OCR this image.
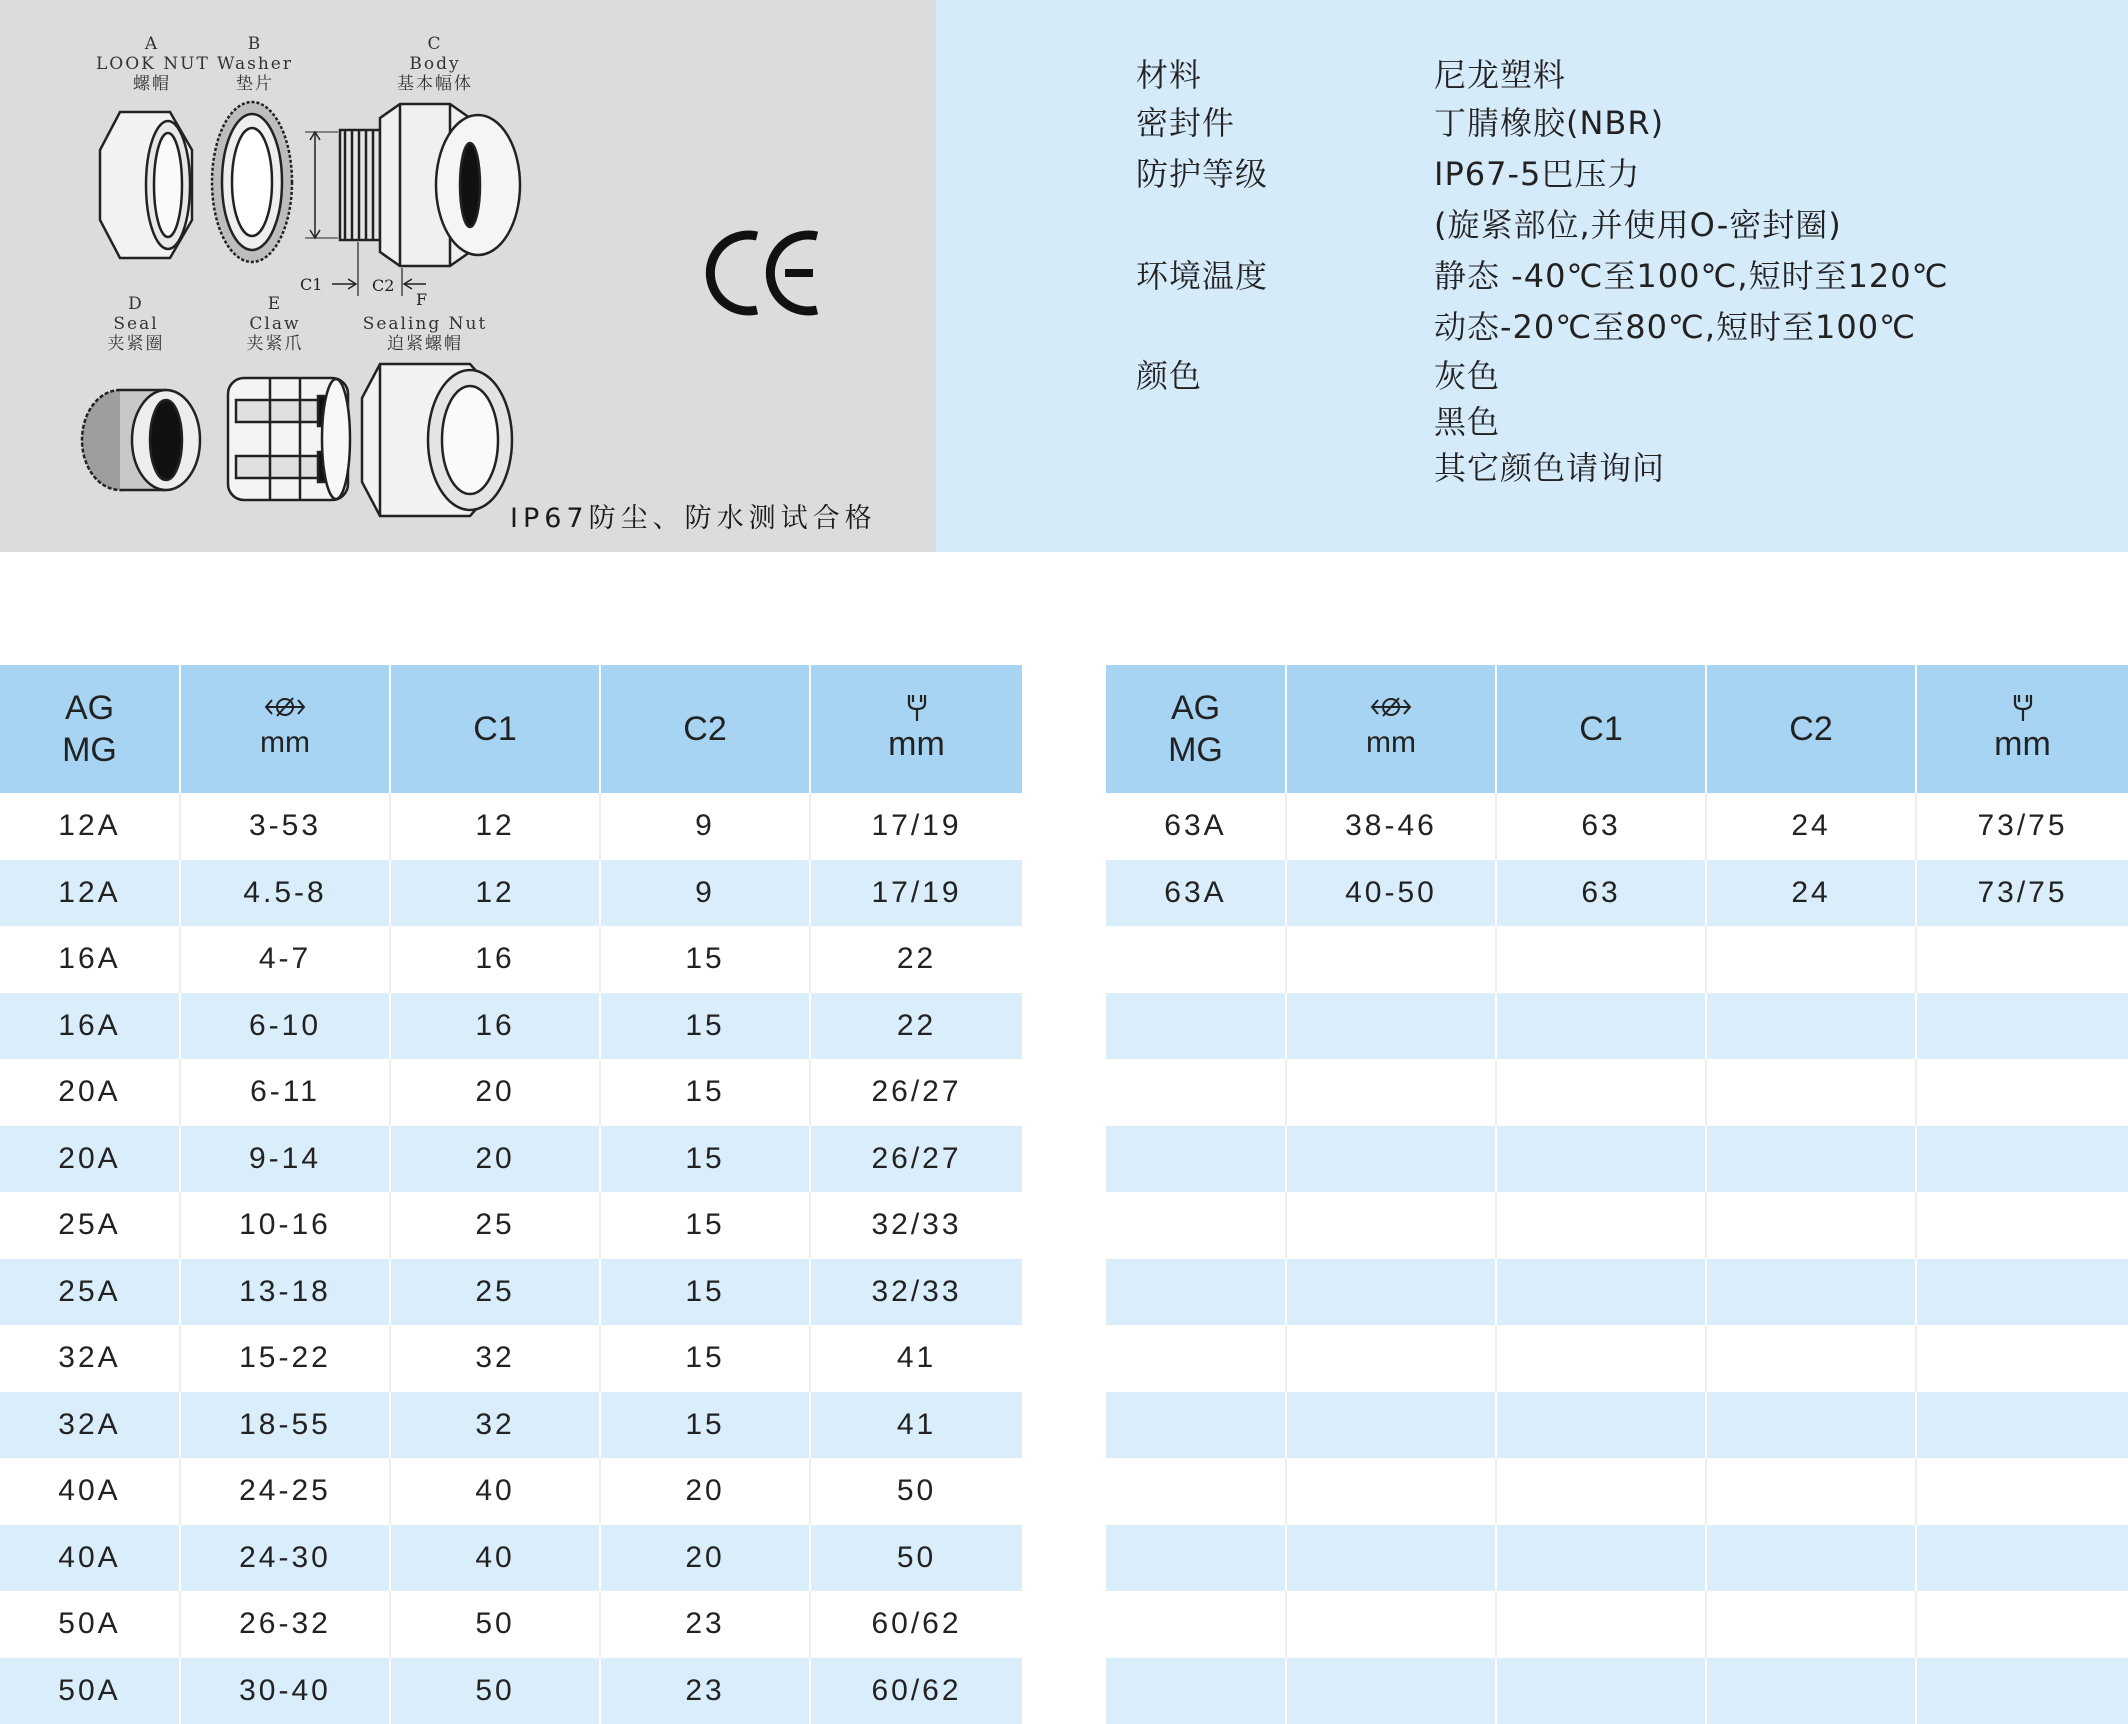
A
LOOK NUT
螺帽
B
Washer
垫片
C
Body
基本幅体
D
Seal
夹紧圈
E
Claw
夹紧爪
Sealing Nut
迫紧螺帽
C1	C2
F
IP67防尘、防水测试合格
材料	尼龙塑料
密封件	丁腈橡胶(NBR)
防护等级	IP67-5巴压力
(旋紧部位,并使用O-密封圈)
环境温度	静态 -40℃至100℃,短时至120℃
动态-20℃至80℃,短时至100℃
颜色	灰色
黑色
其它颜色请询问
AG
MG	mm	C1	C2	mm
12A	3-53	12	9	17/19
12A	4.5-8	12	9	17/19
16A	4-7	16	15	22
16A	6-10	16	15	22
20A	6-11	20	15	26/27
20A	9-14	20	15	26/27
25A	10-16	25	15	32/33
25A	13-18	25	15	32/33
32A	15-22	32	15	41
32A	18-55	32	15	41
40A	24-25	40	20	50
40A	24-30	40	20	50
50A	26-32	50	23	60/62
50A	30-40	50	23	60/62
AG
MG	mm	C1	C2	mm
63A	38-46	63	24	73/75
63A	40-50	63	24	73/75
